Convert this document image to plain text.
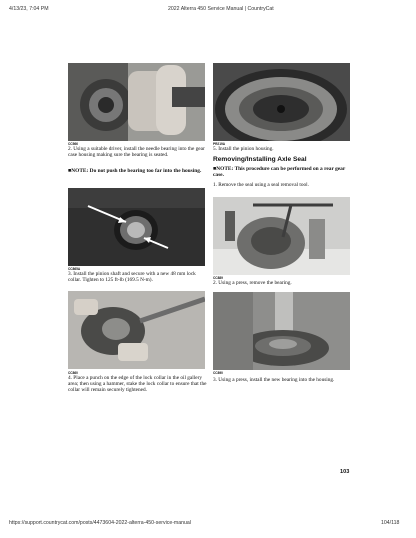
4/13/23, 7:04 PM	2022 Alterra 450 Service Manual | CountryCat
CC566
2. Using a suitable driver, install the needle bearing into the gear case housing making sure the bearing is seated.
■NOTE: Do not push the bearing too far into the housing.
CC865A
3. Install the pinion shaft and secure with a new 48 mm lock collar. Tighten to 125 ft-lb (169.5 N-m).
CC860
4. Place a punch on the edge of the lock collar in the oil gallery area; then using a hammer, stake the lock collar to ensure that the collar will remain securely tightened.
PR219A
5. Install the pinion housing.
Removing/Installing Axle Seal
■NOTE: This procedure can be performed on a rear gear case.
1. Remove the seal using a seal removal tool.
CC889
2. Using a press, remove the bearing.
CC890
3. Using a press, install the new bearing into the housing.
103
https://support.countrycat.com/posts/4473604-2022-alterra-450-service-manual	104/118
